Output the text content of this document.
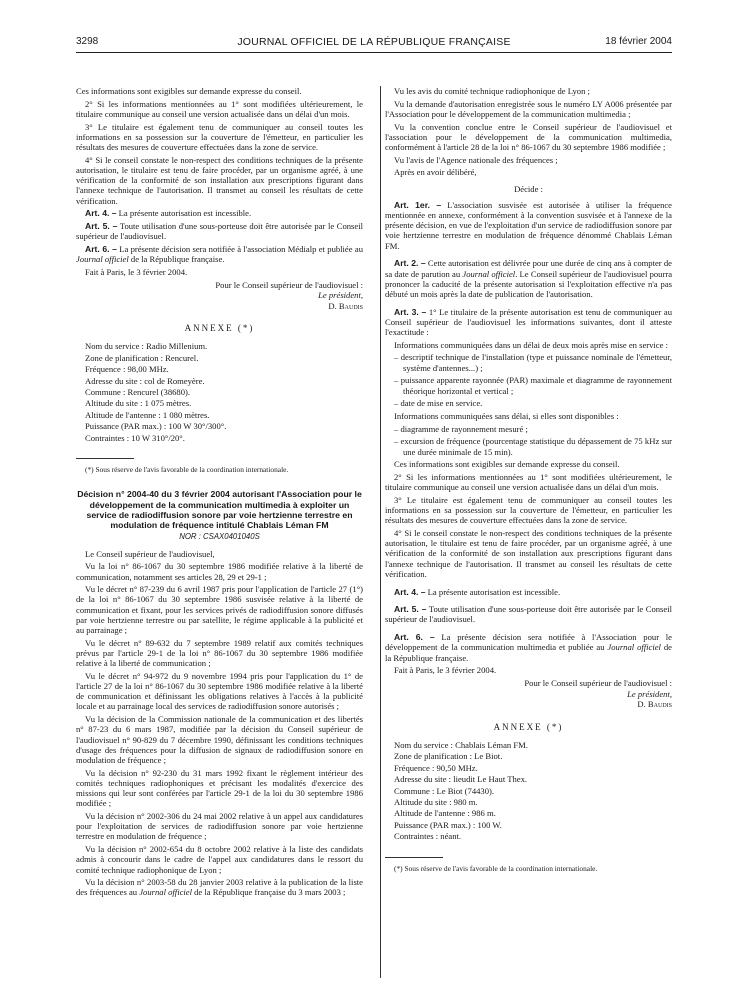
3298	JOURNAL OFFICIEL DE LA RÉPUBLIQUE FRANÇAISE	18 février 2004

Ces informations sont exigibles sur demande expresse du conseil.

2° Si les informations mentionnées au 1° sont modifiées ultérieurement, le titulaire communique au conseil une version actualisée dans un délai d'un mois.

3° Le titulaire est également tenu de communiquer au conseil toutes les informations en sa possession sur la couverture de l'émetteur, en particulier les résultats des mesures de couverture effectuées dans la zone de service.

4° Si le conseil constate le non-respect des conditions techniques de la présente autorisation, le titulaire est tenu de faire procéder, par un organisme agréé, à une vérification de la conformité de son installation aux prescriptions figurant dans l'annexe technique de l'autorisation. Il transmet au conseil les résultats de cette vérification.

Art. 4. – La présente autorisation est incessible.

Art. 5. – Toute utilisation d'une sous-porteuse doit être autorisée par le Conseil supérieur de l'audiovisuel.

Art. 6. – La présente décision sera notifiée à l'association Médialp et publiée au Journal officiel de la République française.

Fait à Paris, le 3 février 2004.

Pour le Conseil supérieur de l'audiovisuel :
Le président,
D. Baudis
ANNEXE (*)
Nom du service : Radio Millenium.
Zone de planification : Rencurel.
Fréquence : 98,00 MHz.
Adresse du site : col de Romeyère.
Commune : Rencurel (38680).
Altitude du site : 1 075 mètres.
Altitude de l'antenne : 1 080 mètres.
Puissance (PAR max.) : 100 W 30°/300°.
Contraintes : 10 W 310°/20°.

(*) Sous réserve de l'avis favorable de la coordination internationale.

Décision n° 2004-40 du 3 février 2004 autorisant l'Association pour le développement de la communication multimedia à exploiter un service de radiodiffusion sonore par voie hertzienne terrestre en modulation de fréquence intitulé Chablais Léman FM
NOR : CSAX0401040S

Le Conseil supérieur de l'audiovisuel,

Vu la loi n° 86-1067 du 30 septembre 1986 modifiée relative à la liberté de communication, notamment ses articles 28, 29 et 29-1 ;

Vu le décret n° 87-239 du 6 avril 1987 pris pour l'application de l'article 27 (1°) de la loi n° 86-1067 du 30 septembre 1986 susvisée relative à la liberté de communication et fixant, pour les services privés de radiodiffusion sonore diffusés par voie hertzienne terrestre ou par satellite, le régime applicable à la publicité et au parrainage ;

Vu le décret n° 89-632 du 7 septembre 1989 relatif aux comités techniques prévus par l'article 29-1 de la loi n° 86-1067 du 30 septembre 1986 modifiée relative à la liberté de communication ;

Vu le décret n° 94-972 du 9 novembre 1994 pris pour l'application du 1° de l'article 27 de la loi n° 86-1067 du 30 septembre 1986 modifiée relative à la liberté de communication et définissant les obligations relatives à l'accès à la publicité locale et au parrainage local des services de radiodiffusion sonore autorisés ;

Vu la décision de la Commission nationale de la communication et des libertés n° 87-23 du 6 mars 1987, modifiée par la décision du Conseil supérieur de l'audiovisuel n° 90-829 du 7 décembre 1990, définissant les conditions techniques d'usage des fréquences pour la diffusion de signaux de radiodiffusion sonore en modulation de fréquence ;

Vu la décision n° 92-230 du 31 mars 1992 fixant le règlement intérieur des comités techniques radiophoniques et précisant les modalités d'exercice des missions qui leur sont conférées par l'article 29-1 de la loi du 30 septembre 1986 modifiée ;

Vu la décision n° 2002-306 du 24 mai 2002 relative à un appel aux candidatures pour l'exploitation de services de radiodiffusion sonore par voie hertzienne terrestre en modulation de fréquence ;

Vu la décision n° 2002-654 du 8 octobre 2002 relative à la liste des candidats admis à concourir dans le cadre de l'appel aux candidatures dans le ressort du comité technique radiophonique de Lyon ;

Vu la décision n° 2003-58 du 28 janvier 2003 relative à la publication de la liste des fréquences au Journal officiel de la République française du 3 mars 2003 ;

Vu les avis du comité technique radiophonique de Lyon ;

Vu la demande d'autorisation enregistrée sous le numéro LY A006 présentée par l'Association pour le développement de la communication multimedia ;

Vu la convention conclue entre le Conseil supérieur de l'audiovisuel et l'association pour le développement de la communication multimedia, conformément à l'article 28 de la loi n° 86-1067 du 30 septembre 1986 modifiée ;

Vu l'avis de l'Agence nationale des fréquences ;

Après en avoir délibéré,

Décide :

Art. 1er. – L'association susvisée est autorisée à utiliser la fréquence mentionnée en annexe, conformément à la convention susvisée et à l'annexe de la présente décision, en vue de l'exploitation d'un service de radiodiffusion sonore par voie hertzienne terrestre en modulation de fréquence dénommé Chablais Léman FM.

Art. 2. – Cette autorisation est délivrée pour une durée de cinq ans à compter de sa date de parution au Journal officiel. Le Conseil supérieur de l'audiovisuel pourra prononcer la caducité de la présente autorisation si l'exploitation effective n'a pas débuté un mois après la date de publication de l'autorisation.

Art. 3. – 1° Le titulaire de la présente autorisation est tenu de communiquer au Conseil supérieur de l'audiovisuel les informations suivantes, dont il atteste l'exactitude :

Informations communiquées dans un délai de deux mois après mise en service :

– descriptif technique de l'installation (type et puissance nominale de l'émetteur, système d'antennes...) ;

– puissance apparente rayonnée (PAR) maximale et diagramme de rayonnement théorique horizontal et vertical ;

– date de mise en service.

Informations communiquées sans délai, si elles sont disponibles :

– diagramme de rayonnement mesuré ;

– excursion de fréquence (pourcentage statistique du dépassement de 75 kHz sur une durée minimale de 15 min).

Ces informations sont exigibles sur demande expresse du conseil.

2° Si les informations mentionnées au 1° sont modifiées ultérieurement, le titulaire communique au conseil une version actualisée dans un délai d'un mois.

3° Le titulaire est également tenu de communiquer au conseil toutes les informations en sa possession sur la couverture de l'émetteur, en particulier les résultats des mesures de couverture effectuées dans la zone de service.

4° Si le conseil constate le non-respect des conditions techniques de la présente autorisation, le titulaire est tenu de faire procéder, par un organisme agréé, à une vérification de la conformité de son installation aux prescriptions figurant dans l'annexe technique de l'autorisation. Il transmet au conseil les résultats de cette vérification.

Art. 4. – La présente autorisation est incessible.

Art. 5. – Toute utilisation d'une sous-porteuse doit être autorisée par le Conseil supérieur de l'audiovisuel.

Art. 6. – La présente décision sera notifiée à l'Association pour le développement de la communication multimedia et publiée au Journal officiel de la République française.

Fait à Paris, le 3 février 2004.

Pour le Conseil supérieur de l'audiovisuel :
Le président,
D. Baudis
ANNEXE (*)
Nom du service : Chablais Léman FM.
Zone de planification : Le Biot.
Fréquence : 90,50 MHz.
Adresse du site : lieudit Le Haut Thex.
Commune : Le Biot (74430).
Altitude du site : 980 m.
Altitude de l'antenne : 986 m.
Puissance (PAR max.) : 100 W.
Contraintes : néant.

(*) Sous réserve de l'avis favorable de la coordination internationale.
